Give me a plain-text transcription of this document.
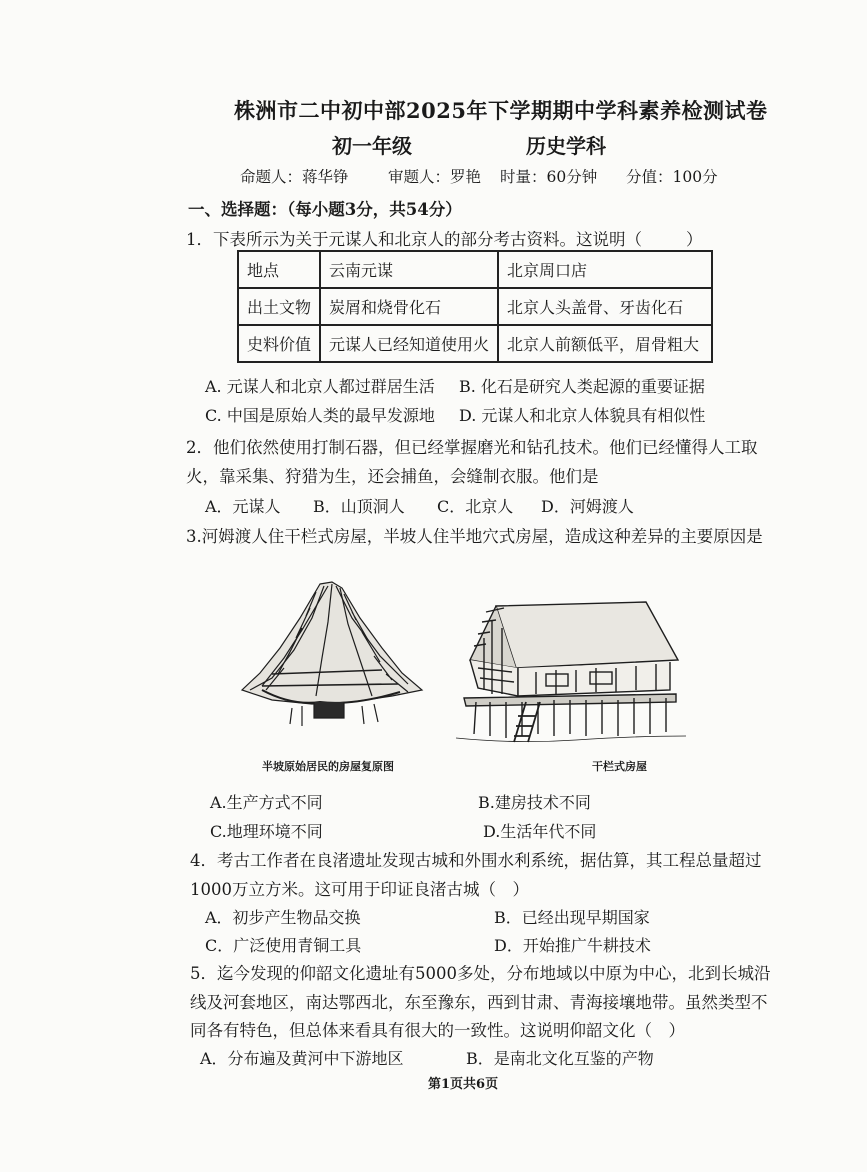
株洲市二中初中部2025年下学期期中学科素养检测试卷
初一年级	历史学科
命题人：蒋华铮	审题人：罗艳 时量：60分钟 分值：100分
一、选择题：（每小题3分，共54分）
1．下表所示为关于元谋人和北京人的部分考古资料。这说明（	）
地点	云南元谋	北京周口店
出土文物	炭屑和烧骨化石	北京人头盖骨、牙齿化石
史料价值	元谋人已经知道使用火	北京人前额低平，眉骨粗大
A. 元谋人和北京人都过群居生活 B. 化石是研究人类起源的重要证据
C. 中国是原始人类的最早发源地 D. 元谋人和北京人体貌具有相似性
2．他们依然使用打制石器，但已经掌握磨光和钻孔技术。他们已经懂得人工取
火，靠采集、狩猎为生，还会捕鱼，会缝制衣服。他们是
A．元谋人 B．山顶洞人 C．北京人 D．河姆渡人
3.河姆渡人住干栏式房屋，半坡人住半地穴式房屋，造成这种差异的主要原因是
半坡原始居民的房屋复原图	干栏式房屋
A.生产方式不同	B.建房技术不同
C.地理环境不同	D.生活年代不同
4．考古工作者在良渚遗址发现古城和外围水利系统，据估算，其工程总量超过
1000万立方米。这可用于印证良渚古城（　）
A．初步产生物品交换	B．已经出现早期国家
C．广泛使用青铜工具	D．开始推广牛耕技术
5．迄今发现的仰韶文化遗址有5000多处，分布地域以中原为中心，北到长城沿
线及河套地区，南达鄂西北，东至豫东，西到甘肃、青海接壤地带。虽然类型不
同各有特色，但总体来看具有很大的一致性。这说明仰韶文化（　）
A．分布遍及黄河中下游地区	B．是南北文化互鉴的产物
第1页共6页
